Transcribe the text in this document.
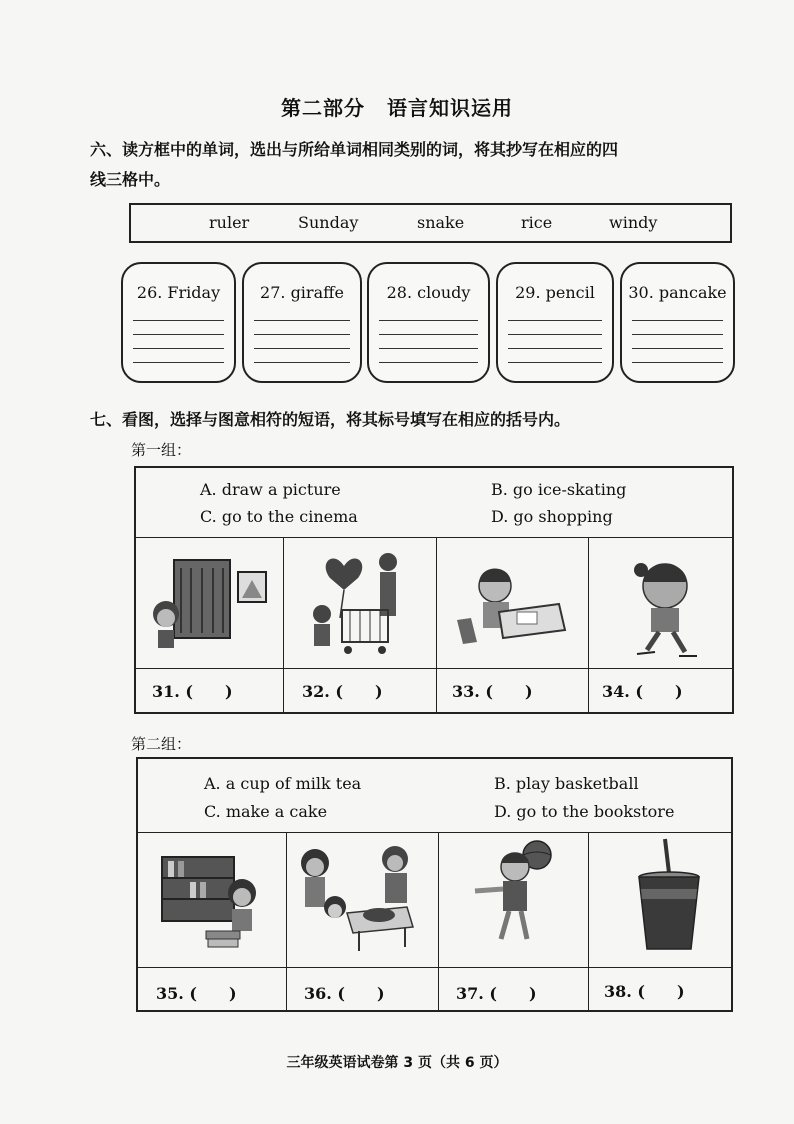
第二部分 语言知识运用
六、读方框中的单词，选出与所给单词相同类别的词，将其抄写在相应的四
线三格中。
ruler	Sunday	snake	rice	windy
26. Friday	27. giraffe	28. cloudy	29. pencil	30. pancake
七、看图，选择与图意相符的短语，将其标号填写在相应的括号内。
第一组：
A. draw a picture	B. go ice-skating
C. go to the cinema	D. go shopping
31. (　　)	32. (　　)	33. (　　)	34. (　　)
第二组：
A. a cup of milk tea	B. play basketball
C. make a cake	D. go to the bookstore
35. (　　)	36. (　　)	37. (　　)	38. (　　)
三年级英语试卷第 3 页（共 6 页）
